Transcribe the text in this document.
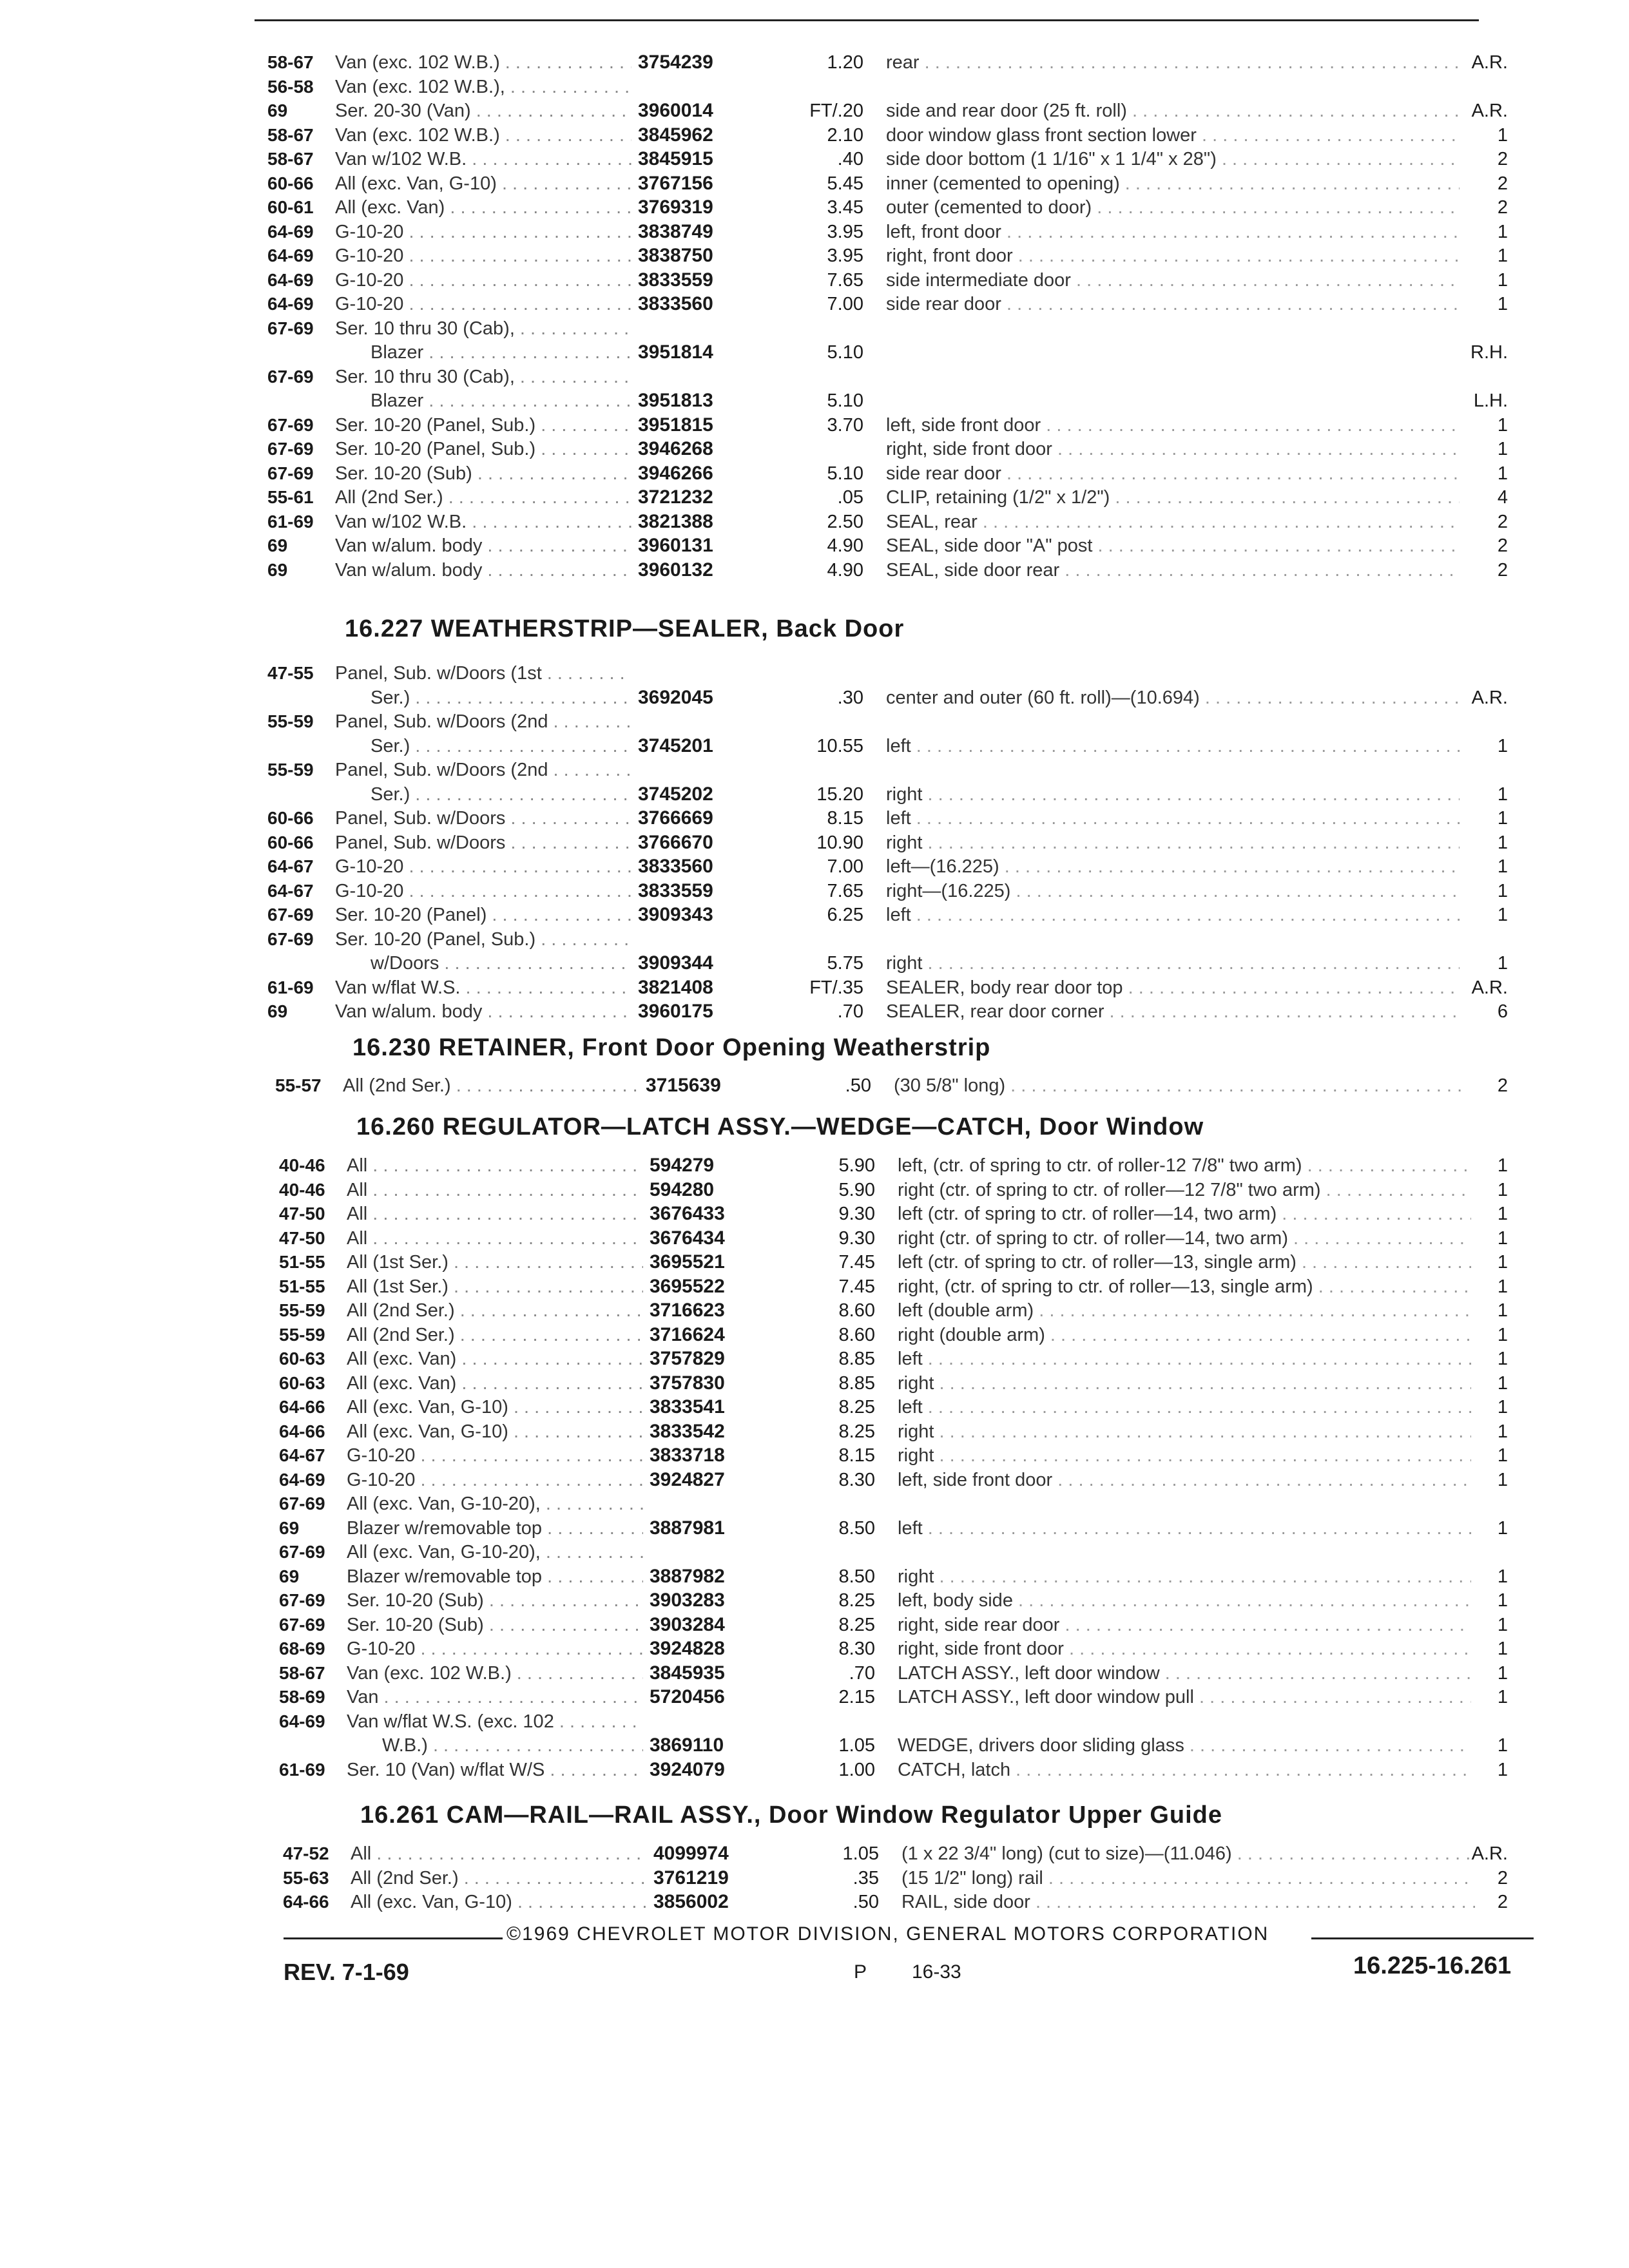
58-67	Van (exc. 102 W.B.) . . .	3754239	1.20 rear . . .	A.R.
56-58	Van (exc. 102 W.B.), . . .
69	Ser. 20-30 (Van) . . .	3960014	FT/.20 side and rear door (25 ft. roll) . . .	A.R.
58-67	Van (exc. 102 W.B.) . . .	3845962	2.10 door window glass front section lower . . .	1
58-67	Van w/102 W.B. . . .	3845915	.40 side door bottom (1 1/16" x 1 1/4" x 28") . . .	2
60-66	All (exc. Van, G-10) . . .	3767156	5.45 inner (cemented to opening) . . .	2
60-61	All (exc. Van) . . .	3769319	3.45 outer (cemented to door) . . .	2
64-69	G-10-20 . . .	3838749	3.95 left, front door . . .	1
64-69	G-10-20 . . .	3838750	3.95 right, front door . . .	1
64-69	G-10-20 . . .	3833559	7.65 side intermediate door . . .	1
64-69	G-10-20 . . .	3833560	7.00 side rear door . . .	1
67-69	Ser. 10 thru 30 (Cab), . . .
Blazer . . .	3951814	5.10	R.H.
67-69	Ser. 10 thru 30 (Cab), . . .
Blazer . . .	3951813	5.10	L.H.
67-69	Ser. 10-20 (Panel, Sub.) . . .	3951815	3.70 left, side front door . . .	1
67-69	Ser. 10-20 (Panel, Sub.) . . .	3946268	right, side front door . . .	1
67-69	Ser. 10-20 (Sub) . . .	3946266	5.10 side rear door . . .	1
55-61	All (2nd Ser.) . . .	3721232	.05 CLIP, retaining (1/2" x 1/2") . . .	4
61-69	Van w/102 W.B. . . .	3821388	2.50 SEAL, rear . . .	2
69	Van w/alum. body . . .	3960131	4.90 SEAL, side door "A" post . . .	2
69	Van w/alum. body . . .	3960132	4.90 SEAL, side door rear . . .	2
16.227 WEATHERSTRIP—SEALER, Back Door
47-55	Panel, Sub. w/Doors (1st . . .
Ser.) . . .	3692045	.30 center and outer (60 ft. roll)—(10.694) . . .	A.R.
55-59	Panel, Sub. w/Doors (2nd . . .
Ser.) . . .	3745201	10.55 left . . .	1
55-59	Panel, Sub. w/Doors (2nd . . .
Ser.) . . .	3745202	15.20 right . . .	1
60-66	Panel, Sub. w/Doors . . .	3766669	8.15 left . . .	1
60-66	Panel, Sub. w/Doors . . .	3766670	10.90 right . . .	1
64-67	G-10-20 . . .	3833560	7.00 left—(16.225) . . .	1
64-67	G-10-20 . . .	3833559	7.65 right—(16.225) . . .	1
67-69	Ser. 10-20 (Panel) . . .	3909343	6.25 left . . .	1
67-69	Ser. 10-20 (Panel, Sub.) . . .
w/Doors . . .	3909344	5.75 right . . .	1
61-69	Van w/flat W.S. . . .	3821408	FT/.35 SEALER, body rear door top . . .	A.R.
69	Van w/alum. body . . .	3960175	.70 SEALER, rear door corner . . .	6
16.230 RETAINER, Front Door Opening Weatherstrip
55-57	All (2nd Ser.) . . .	3715639	.50 (30 5/8" long) . . .	2
16.260 REGULATOR—LATCH ASSY.—WEDGE—CATCH, Door Window
40-46	All . . .	594279	5.90 left, (ctr. of spring to ctr. of roller-12 7/8" two arm) . . .	1
40-46	All . . .	594280	5.90 right (ctr. of spring to ctr. of roller—12 7/8" two arm) . . .	1
47-50	All . . .	3676433	9.30 left (ctr. of spring to ctr. of roller—14, two arm) . . .	1
47-50	All . . .	3676434	9.30 right (ctr. of spring to ctr. of roller—14, two arm) . . .	1
51-55	All (1st Ser.) . . .	3695521	7.45 left (ctr. of spring to ctr. of roller—13, single arm) . . .	1
51-55	All (1st Ser.) . . .	3695522	7.45 right, (ctr. of spring to ctr. of roller—13, single arm) . . .	1
55-59	All (2nd Ser.) . . .	3716623	8.60 left (double arm) . . .	1
55-59	All (2nd Ser.) . . .	3716624	8.60 right (double arm) . . .	1
60-63	All (exc. Van) . . .	3757829	8.85 left . . .	1
60-63	All (exc. Van) . . .	3757830	8.85 right . . .	1
64-66	All (exc. Van, G-10) . . .	3833541	8.25 left . . .	1
64-66	All (exc. Van, G-10) . . .	3833542	8.25 right . . .	1
64-67	G-10-20 . . .	3833718	8.15 right . . .	1
64-69	G-10-20 . . .	3924827	8.30 left, side front door . . .	1
67-69	All (exc. Van, G-10-20), . . .
69	Blazer w/removable top . . .	3887981	8.50 left . . .	1
67-69	All (exc. Van, G-10-20), . . .
69	Blazer w/removable top . . .	3887982	8.50 right . . .	1
67-69	Ser. 10-20 (Sub) . . .	3903283	8.25 left, body side . . .	1
67-69	Ser. 10-20 (Sub) . . .	3903284	8.25 right, side rear door . . .	1
68-69	G-10-20 . . .	3924828	8.30 right, side front door . . .	1
58-67	Van (exc. 102 W.B.) . . .	3845935	.70 LATCH ASSY., left door window . . .	1
58-69	Van . . .	5720456	2.15 LATCH ASSY., left door window pull . . .	1
64-69	Van w/flat W.S. (exc. 102 . . .
W.B.) . . .	3869110	1.05 WEDGE, drivers door sliding glass . . .	1
61-69	Ser. 10 (Van) w/flat W/S . . .	3924079	1.00 CATCH, latch . . .	1
16.261 CAM—RAIL—RAIL ASSY., Door Window Regulator Upper Guide
47-52	All . . .	4099974	1.05 (1 x 22 3/4" long) (cut to size)—(11.046) . . .	A.R.
55-63	All (2nd Ser.) . . .	3761219	.35 (15 1/2" long) rail . . .	2
64-66	All (exc. Van, G-10) . . .	3856002	.50 RAIL, side door . . .	2
©1969 CHEVROLET MOTOR DIVISION, GENERAL MOTORS CORPORATION
REV. 7-1-69	P 16-33	16.225-16.261
